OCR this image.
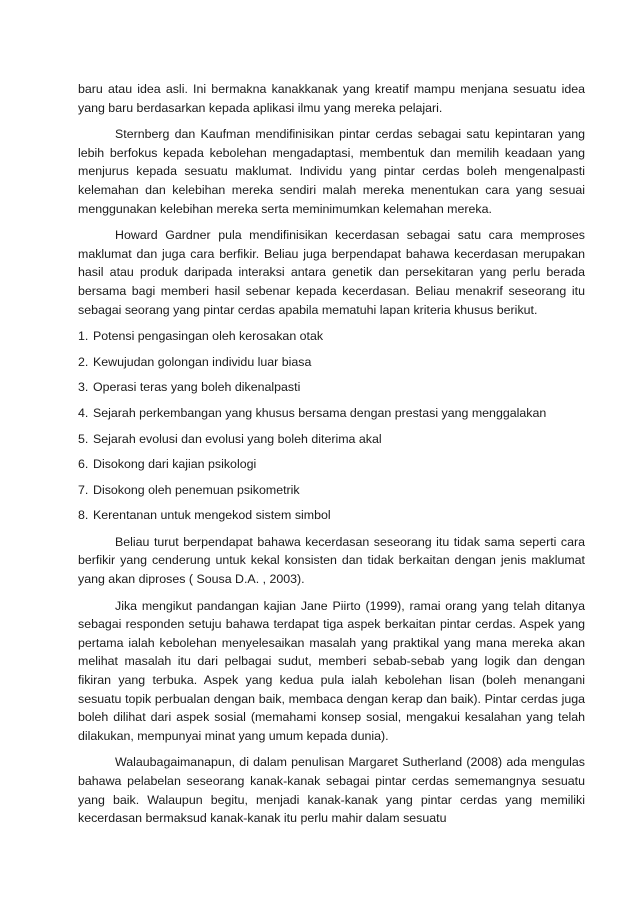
baru atau idea asli. Ini bermakna kanakkanak yang kreatif mampu menjana sesuatu idea yang baru berdasarkan kepada aplikasi ilmu yang mereka pelajari.

Sternberg dan Kaufman mendifinisikan pintar cerdas sebagai satu kepintaran yang lebih berfokus kepada kebolehan mengadaptasi, membentuk dan memilih keadaan yang menjurus kepada sesuatu maklumat. Individu yang pintar cerdas boleh mengenalpasti kelemahan dan kelebihan mereka sendiri malah mereka menentukan cara yang sesuai menggunakan kelebihan mereka serta meminimumkan kelemahan mereka.

Howard Gardner pula mendifinisikan kecerdasan sebagai satu cara memproses maklumat dan juga cara berfikir. Beliau juga berpendapat bahawa kecerdasan merupakan hasil atau produk daripada interaksi antara genetik dan persekitaran yang perlu berada bersama bagi memberi hasil sebenar kepada kecerdasan. Beliau menakrif seseorang itu sebagai seorang yang pintar cerdas apabila mematuhi lapan kriteria khusus berikut.

1. Potensi pengasingan oleh kerosakan otak
2. Kewujudan golongan individu luar biasa
3. Operasi teras yang boleh dikenalpasti
4. Sejarah perkembangan yang khusus bersama dengan prestasi yang menggalakan
5. Sejarah evolusi dan evolusi yang boleh diterima akal
6. Disokong dari kajian psikologi
7. Disokong oleh penemuan psikometrik
8. Kerentanan untuk mengekod sistem simbol

Beliau turut berpendapat bahawa kecerdasan seseorang itu tidak sama seperti cara berfikir yang cenderung untuk kekal konsisten dan tidak berkaitan dengan jenis maklumat yang akan diproses ( Sousa D.A. , 2003).

Jika mengikut pandangan kajian Jane Piirto (1999), ramai orang yang telah ditanya sebagai responden setuju bahawa terdapat tiga aspek berkaitan pintar cerdas. Aspek yang pertama ialah kebolehan menyelesaikan masalah yang praktikal yang mana mereka akan melihat masalah itu dari pelbagai sudut, memberi sebab-sebab yang logik dan dengan fikiran yang terbuka. Aspek yang kedua pula ialah kebolehan lisan (boleh menangani sesuatu topik perbualan dengan baik, membaca dengan kerap dan baik). Pintar cerdas juga boleh dilihat dari aspek sosial (memahami konsep sosial, mengakui kesalahan yang telah dilakukan, mempunyai minat yang umum kepada dunia).

Walaubagaimanapun, di dalam penulisan Margaret Sutherland (2008) ada mengulas bahawa pelabelan seseorang kanak-kanak sebagai pintar cerdas sememangnya sesuatu yang baik. Walaupun begitu, menjadi kanak-kanak yang pintar cerdas yang memiliki kecerdasan bermaksud kanak-kanak itu perlu mahir dalam sesuatu
